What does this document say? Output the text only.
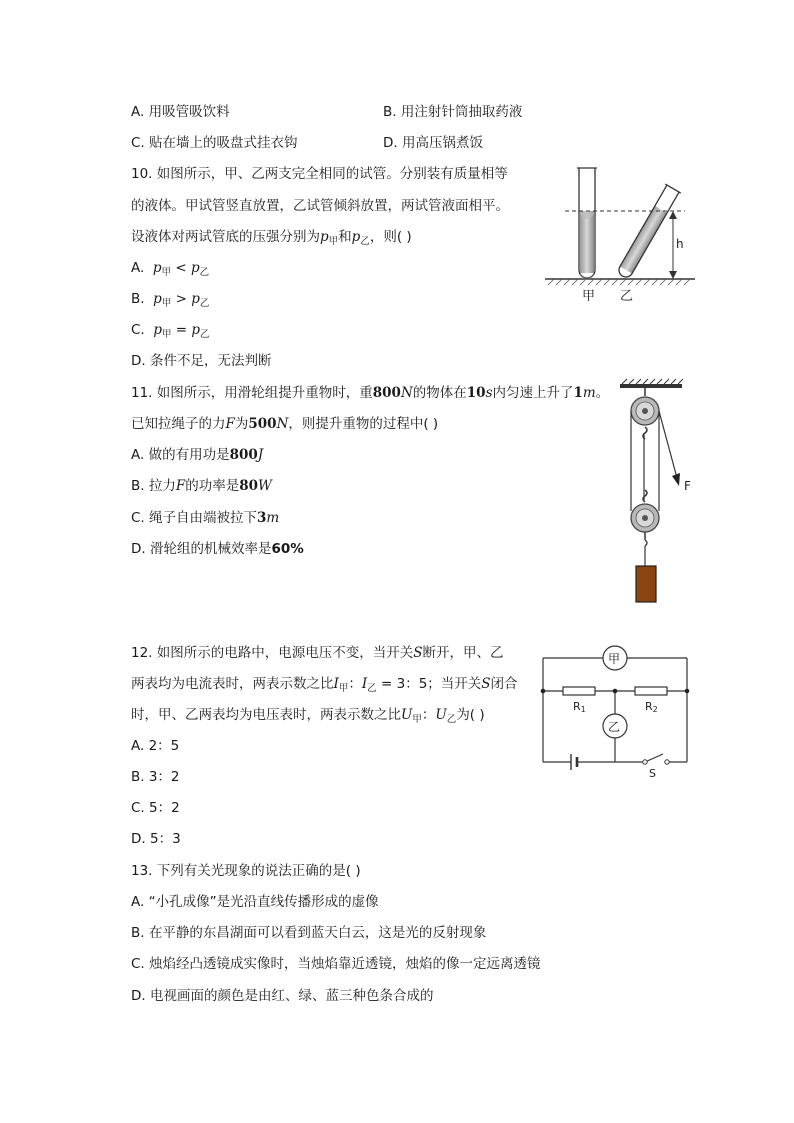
A. 用吸管吸饮料	B. 用注射针筒抽取药液
C. 贴在墙上的吸盘式挂衣钩	D. 用高压锅煮饭
10. 如图所示，甲、乙两支完全相同的试管。分别装有质量相等
的液体。甲试管竖直放置，乙试管倾斜放置，两试管液面相平。
设液体对两试管底的压强分别为$p_甲$和$p_乙$，则( )
A. $p_甲 < p_乙$
B. $p_甲 > p_乙$
C. $p_甲 = p_乙$
D. 条件不足，无法判断
h
甲 乙
11. 如图所示，用滑轮组提升重物时，重800N的物体在10s内匀速上升了1m。
已知拉绳子的力F为500N，则提升重物的过程中( )
A. 做的有用功是800J
B. 拉力F的功率是80W
C. 绳子自由端被拉下3m
D. 滑轮组的机械效率是60%
F
12. 如图所示的电路中，电源电压不变，当开关S断开，甲、乙
两表均为电流表时，两表示数之比$I_甲$：$I_乙 = 3$：5；当开关S闭合
时，甲、乙两表均为电压表时，两表示数之比$U_甲$：$U_乙$为( )
A. 2：5
B. 3：2
C. 5：2
D. 5：3
甲
乙
R1	R2
S
13. 下列有关光现象的说法正确的是( )
A. “小孔成像”是光沿直线传播形成的虚像
B. 在平静的东昌湖面可以看到蓝天白云，这是光的反射现象
C. 烛焰经凸透镜成实像时，当烛焰靠近透镜，烛焰的像一定远离透镜
D. 电视画面的颜色是由红、绿、蓝三种色条合成的
